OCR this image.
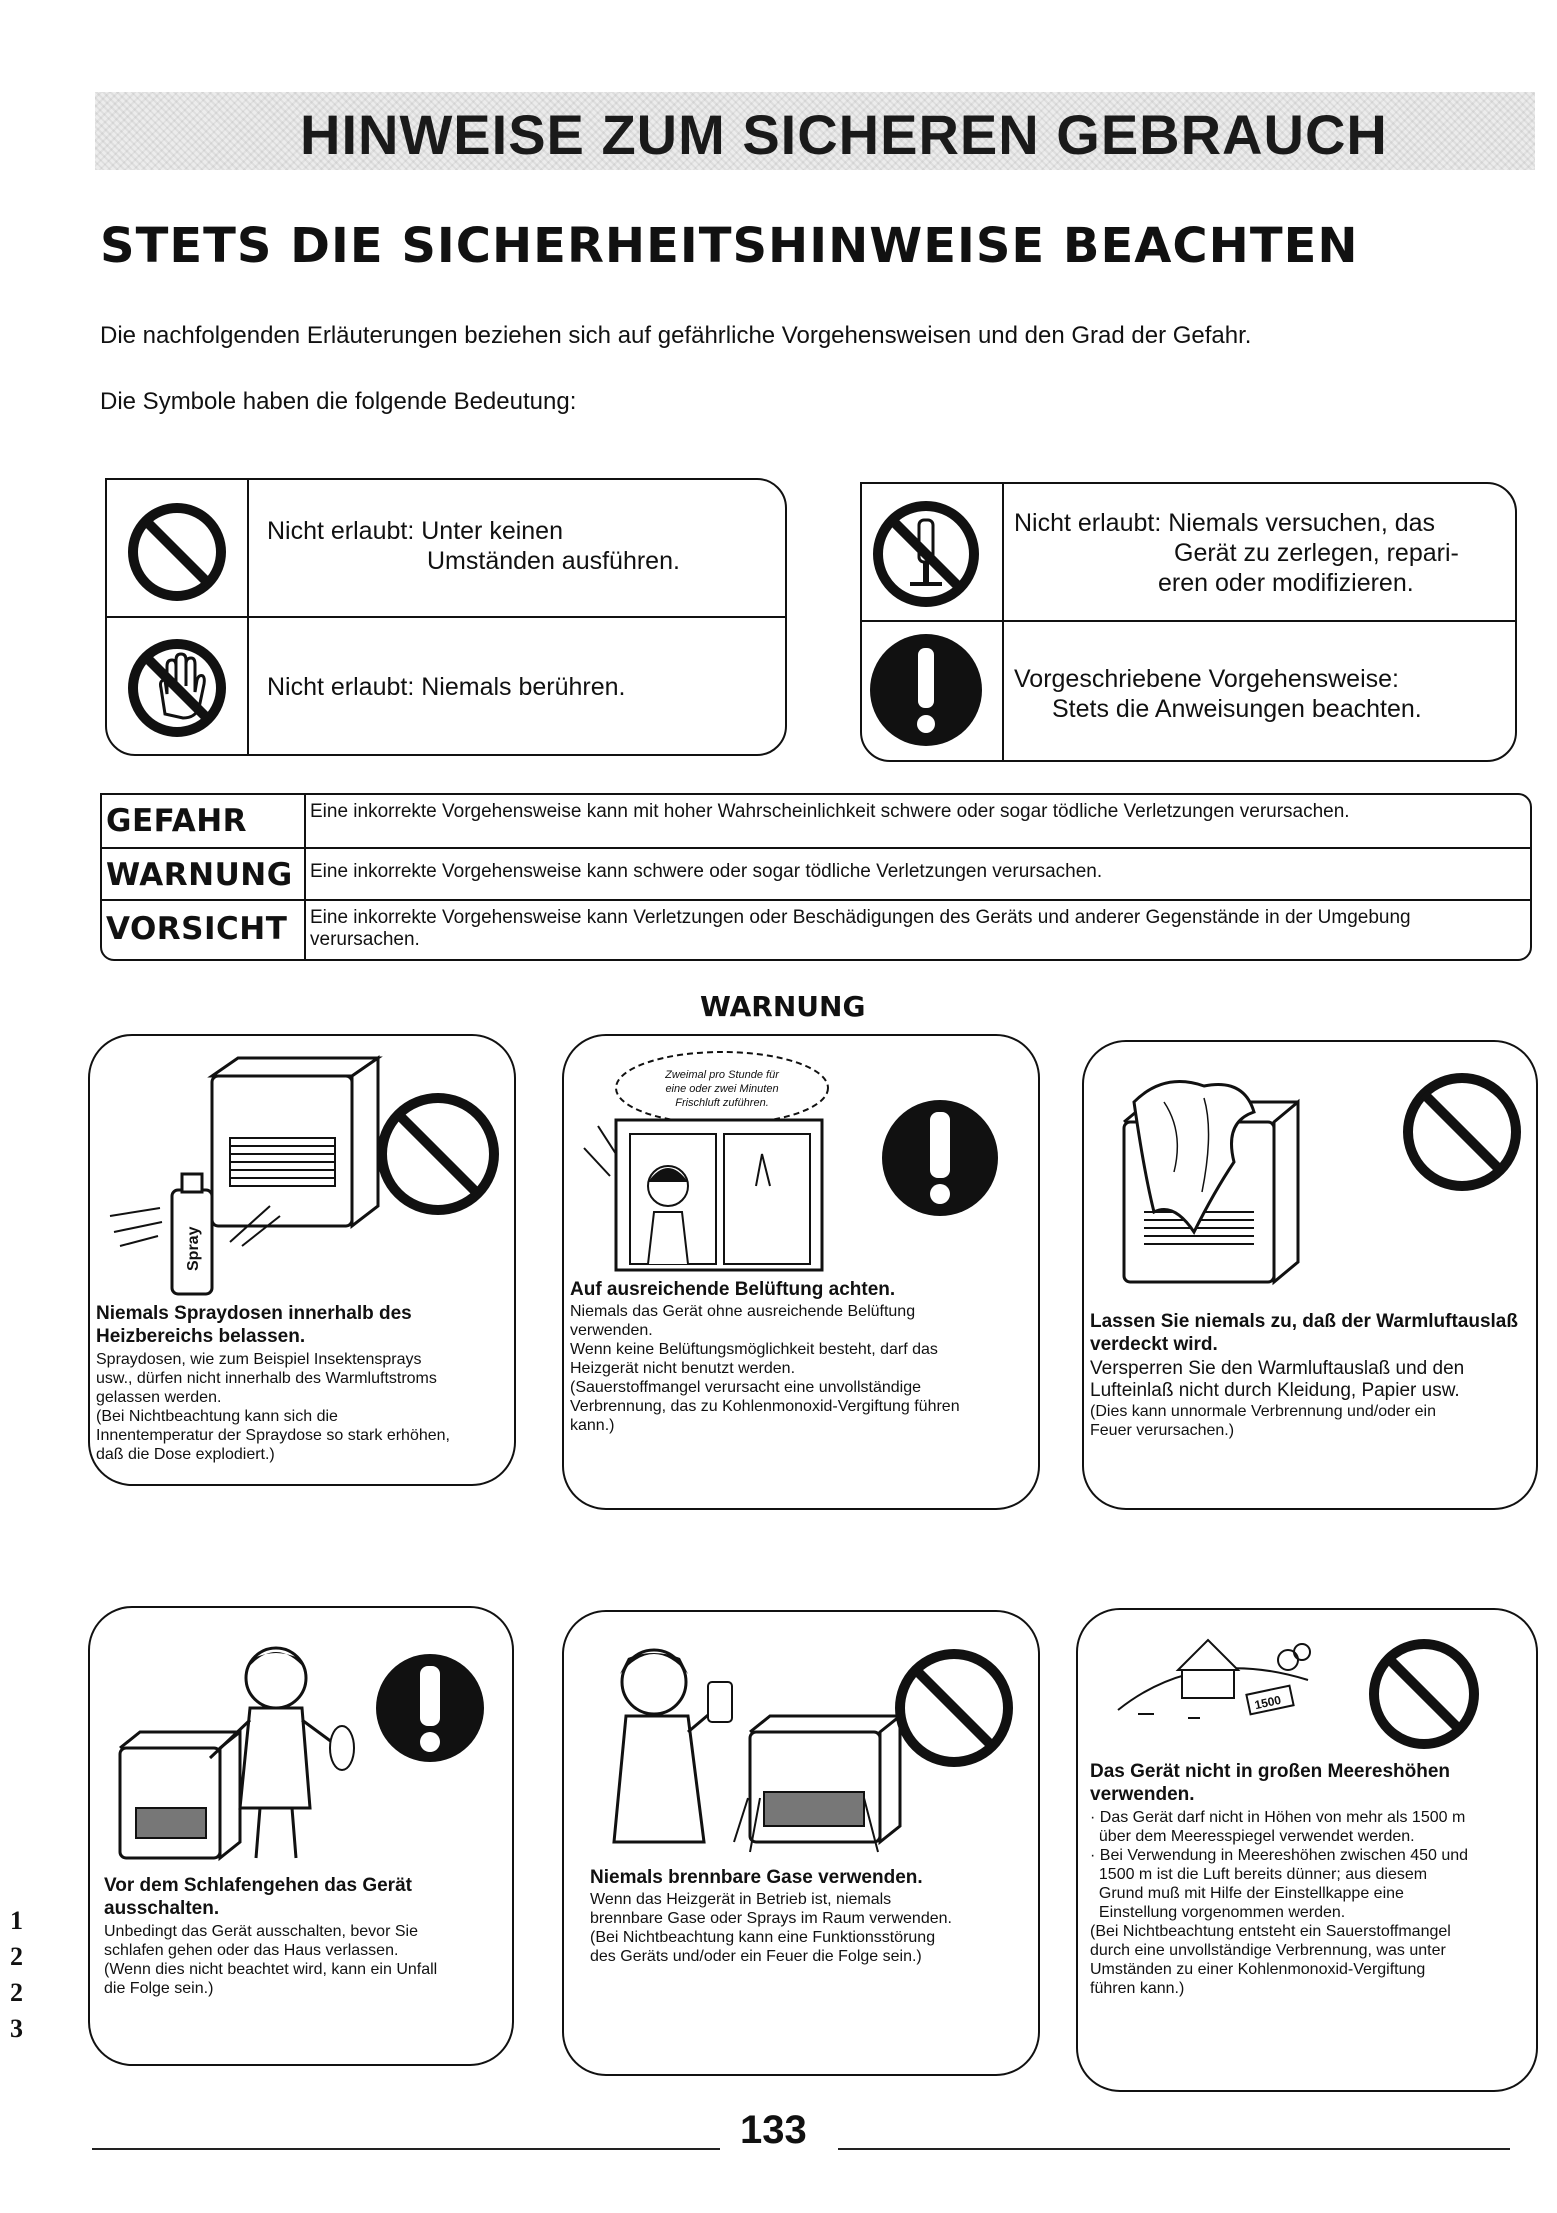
HINWEISE ZUM SICHEREN GEBRAUCH
STETS DIE SICHERHEITSHINWEISE BEACHTEN
Die nachfolgenden Erläuterungen beziehen sich auf gefährliche Vorgehensweisen und den Grad der Gefahr.
Die Symbole haben die folgende Bedeutung:
Nicht erlaubt: Unter keinen
Umständen ausführen.
Nicht erlaubt: Niemals berühren.
Nicht erlaubt: Niemals versuchen, das
Gerät zu zerlegen, repari-
eren oder modifizieren.
Vorgeschriebene Vorgehensweise:
Stets die Anweisungen beachten.
GEFAHR	Eine inkorrekte Vorgehensweise kann mit hoher Wahrscheinlichkeit schwere oder sogar tödliche Verletzungen verursachen.
WARNUNG Eine inkorrekte Vorgehensweise kann schwere oder sogar tödliche Verletzungen verursachen.
VORSICHT	Eine inkorrekte Vorgehensweise kann Verletzungen oder Beschädigungen des Geräts und anderer Gegenstände in der Umgebung verursachen.
WARNUNG
Spray
Niemals Spraydosen innerhalb des Heizbereichs belassen.
Spraydosen, wie zum Beispiel Insektensprays
usw., dürfen nicht innerhalb des Warmluftstroms
gelassen werden.
(Bei Nichtbeachtung kann sich die
Innentemperatur der Spraydose so stark erhöhen,
daß die Dose explodiert.)
Zweimal pro Stunde für
eine oder zwei Minuten
Frischluft zuführen.
Auf ausreichende Belüftung achten.
Niemals das Gerät ohne ausreichende Belüftung
verwenden.
Wenn keine Belüftungsmöglichkeit besteht, darf das
Heizgerät nicht benutzt werden.
(Sauerstoffmangel verursacht eine unvollständige
Verbrennung, das zu Kohlenmonoxid-Vergiftung führen
kann.)
Lassen Sie niemals zu, daß der Warmluftauslaß verdeckt wird.
Versperren Sie den Warmluftauslaß und den
Lufteinlaß nicht durch Kleidung, Papier usw.
(Dies kann unnormale Verbrennung und/oder ein
Feuer verursachen.)
Vor dem Schlafengehen das Gerät ausschalten.
Unbedingt das Gerät ausschalten, bevor Sie
schlafen gehen oder das Haus verlassen.
(Wenn dies nicht beachtet wird, kann ein Unfall
die Folge sein.)
Niemals brennbare Gase verwenden.
Wenn das Heizgerät in Betrieb ist, niemals
brennbare Gase oder Sprays im Raum verwenden.
(Bei Nichtbeachtung kann eine Funktionsstörung
des Geräts und/oder ein Feuer die Folge sein.)
1500
Das Gerät nicht in großen Meereshöhen verwenden.
· Das Gerät darf nicht in Höhen von mehr als 1500 m
über dem Meeresspiegel verwendet werden.
· Bei Verwendung in Meereshöhen zwischen 450 und
1500 m ist die Luft bereits dünner; aus diesem
Grund muß mit Hilfe der Einstellkappe eine
Einstellung vorgenommen werden.
(Bei Nichtbeachtung entsteht ein Sauerstoffmangel
durch eine unvollständige Verbrennung, was unter
Umständen zu einer Kohlenmonoxid-Vergiftung
führen kann.)
1
2
2
3
133
